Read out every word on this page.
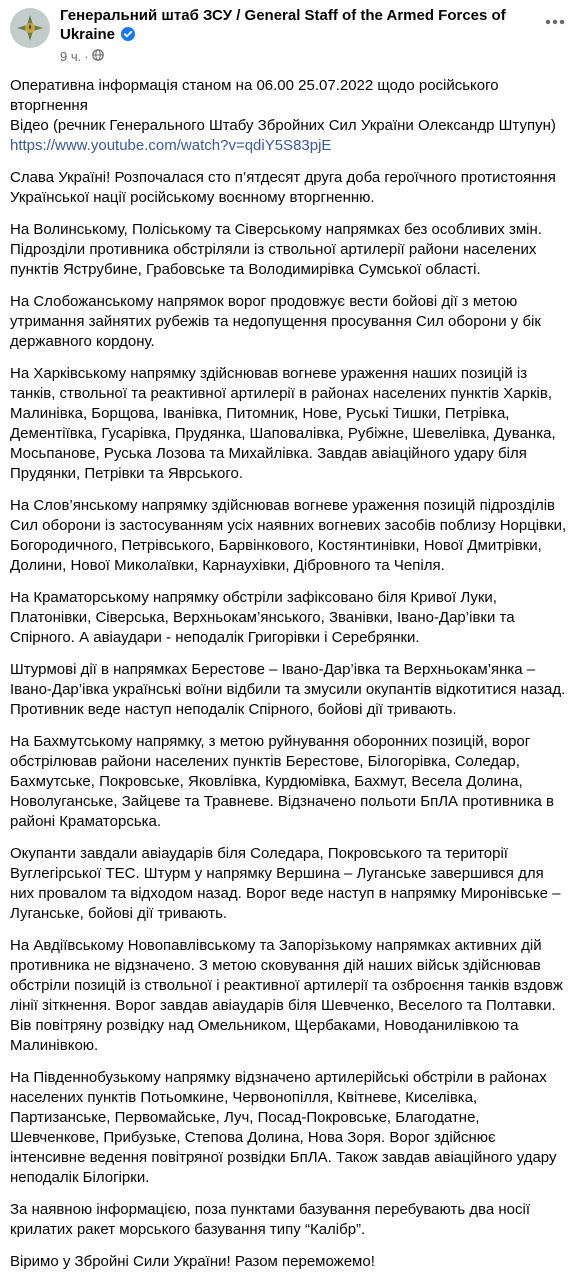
Генеральний штаб ЗСУ / General Staff of the Armed Forces of Ukraine
9 ч. ·

Оперативна інформація станом на 06.00 25.07.2022 щодо російського вторгнення
Відео (речник Генерального Штабу Збройних Сил України Олександр Штупун)
https://www.youtube.com/watch?v=qdiY5S83pjE

Слава Україні! Розпочалася сто п’ятдесят друга доба героїчного протистояння Української нації російському воєнному вторгненню.

На Волинському, Поліському та Сіверському напрямках без особливих змін. Підрозділи противника обстріляли із ствольної артилерії райони населених пунктів Яструбине, Грабовське та Володимирівка Сумської області.

На Слобожанському напрямок ворог продовжує вести бойові дії з метою утримання зайнятих рубежів та недопущення просування Сил оборони у бік державного кордону.

На Харківському напрямку здійснював вогневе ураження наших позицій із танків, ствольної та реактивної артилерії в районах населених пунктів Харків, Малинівка, Борщова, Іванівка, Питомник, Нове, Руські Тишки, Петрівка, Дементіївка, Гусарівка, Прудянка, Шаповалівка, Рубіжне, Шевелівка, Дуванка, Мосьпанове, Руська Лозова та Михайлівка. Завдав авіаційного удару біля Прудянки, Петрівки та Яврського.

На Слов’янському напрямку здійснював вогневе ураження позицій підрозділів Сил оборони із застосуванням усіх наявних вогневих засобів поблизу Норцівки, Богородичного, Петрівського, Барвінкового, Костянтинівки, Нової Дмитрівки, Долини, Нової Миколаївки, Карнаухівки, Дібровного та Чепіля.

На Краматорському напрямку обстріли зафіксовано біля Кривої Луки, Платонівки, Сіверська, Верхньокам’янського, Званівки, Івано-Дар’івки та Спірного. А авіаудари - неподалік Григорівки і Серебрянки.

Штурмові дії в напрямках Берестове – Івано-Дар’івка та Верхньокам’янка – Івано-Дар’івка українські воїни відбили та змусили окупантів відкотитися назад. Противник веде наступ неподалік Спірного, бойові дії тривають.

На Бахмутському напрямку, з метою руйнування оборонних позицій, ворог обстрілював райони населених пунктів Берестове, Білогорівка, Соледар, Бахмутське, Покровське, Яковлівка, Курдюмівка, Бахмут, Весела Долина, Новолуганське, Зайцеве та Травневе. Відзначено польоти БпЛА противника в районі Краматорська.

Окупанти завдали авіаударів біля Соледара, Покровського та території Вуглегірської ТЕС. Штурм у напрямку Вершина – Луганське завершився для них провалом та відходом назад. Ворог веде наступ в напрямку Миронівське – Луганське, бойові дії тривають.

На Авдіївському Новопавлівському та Запорізькому напрямках активних дій противника не відзначено. З метою сковування дій наших військ здійснював обстріли позицій із ствольної і реактивної артилерії та озброєння танків вздовж лінії зіткнення. Ворог завдав авіаударів біля Шевченко, Веселого та Полтавки. Вів повітряну розвідку над Омельником, Щербаками, Новоданилівкою та Малинівкою.

На Південнобузькому напрямку відзначено артилерійські обстріли в районах населених пунктів Потьомкине, Червонопілля, Квітневе, Киселівка, Партизанське, Первомайське, Луч, Посад-Покровське, Благодатне, Шевченкове, Прибузьке, Степова Долина, Нова Зоря. Ворог здійснює інтенсивне ведення повітряної розвідки БпЛА. Також завдав авіаційного удару неподалік Білогірки.

За наявною інформацією, поза пунктами базування перебувають два носії крилатих ракет морського базування типу “Калібр”.

Віримо у Збройні Сили України! Разом переможемо!
